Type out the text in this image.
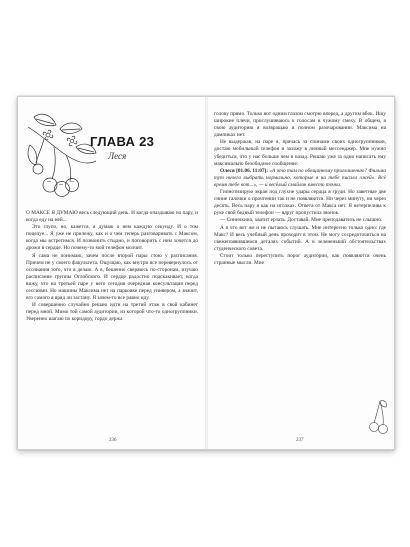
ГЛАВА 23
Леся

О МАКСЕ Я ДУМАЮ весь следующий день. И когда опаздываю на пару, и когда еду на ней...

Это глупо, но, кажется, я думаю о нем каждую секунду. И о том поцелуе... Я уже не прилежу, как и о чем теперь разговаривать с Максом, когда мы встретимся. И позвонить стыдно, и поговорить с ним хочется до дрожи в сердце. Но почему-то мой телефон молчит.

Я сама не понимаю, зачем после второй пары стою у расписания. Причем не у своего факультета. Ощущаю, как внутри все перевернулось от осознания того, что я делаю. А я, бешенно сверяюсь по-сторонам, изучаю расписание группы Оглобского. И сердце радостно подскакивает, когда вижу, что на третьей паре у него сегодня очередная консультация перед сессиями. Но машины Максима нет на парковке перед универом, а значит, его самого я вряд ли застану. Я зачем-то все равно иду.

И совершенно случайно решаю идти на третий этаж в свой кабинет перед мной. Мимо той самой аудитории, из которой что-то одногруппники. Уверенно шагаю по коридору, гордо держа

236

голову прямо. Только вот одним глазом смотрю вперед, а другим вбок. Ищу широкие плечи, прислушиваюсь к голосам и чужому смеху. В общем, я свою аудиторию я возвращаю в полном разочаровании. Максима на дампиках нет.

Не выдержав, на паре я, прячась за спинами своих одногруппников, достаю мобильный телефон и захожу в личный мессенджер. Мне нужно убедиться, что у нас больше чем в назад. Решаю уже за одно написать ему максимально безобидное сообщение:

Олеся [01.06. 11:07]: «А что там по обещанному приглашению? Фильма тут ничего выбрать нормально, которые я на тебе писала лжей». Всё время тебе вот...», — и весёлый смайлик вместо точки.

Гипнотизирую экран под глухие удары сердца в груди. Но заветные две синие галочки о прочтении так и не появляются. Ни через минуту, ни через десять. Весь пару я как на иголках. Ответа от Макса нет. Я нетерпелива к руке свой бедный телефон — вдруг пропустила звонок.

— Синичкина, хватит ерзать. Доставай. Мне преподаватель не слышно.

А я что вот же и не пытаюсь слушать. Мне интересно только одно: где Макс? И весь учебный день проходит в этом. Не могу сосредоточиться на свежепоявившемся деталях событий. А в зелененький обстоятельствах студенческого совета.

Стоит только переступить порог аудитории, как появляются очень странные мысли. Мне

237
